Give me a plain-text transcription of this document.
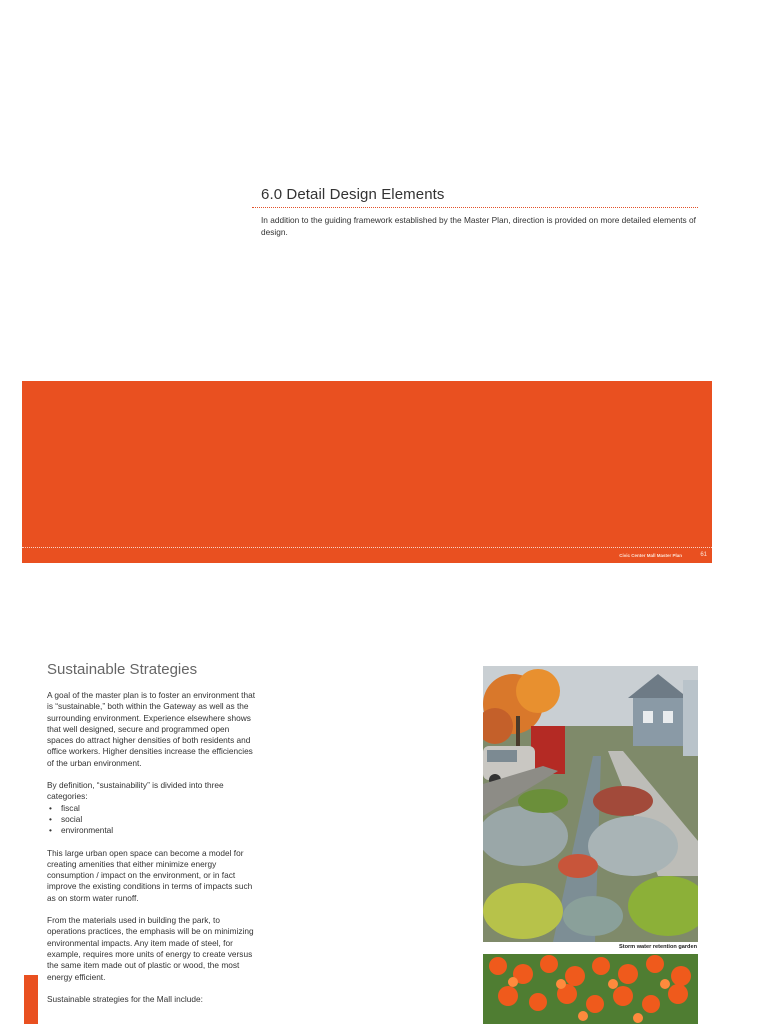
6.0 Detail Design Elements
In addition to the guiding framework established by the Master Plan, direction is provided on more detailed elements of design.
Civic Center Mall Master Plan	61
Sustainable Strategies

A goal of the master plan is to foster an environment that is “sustainable,” both within the Gateway as well as the surrounding environment. Experience elsewhere shows that well designed, secure and programmed open spaces do attract higher densities of both residents and office workers. Higher densities increase the efficiencies of the urban environment.

By definition, “sustainability” is divided into three categories:

• fiscal
• social
• environmental

This large urban open space can become a model for creating amenities that either minimize energy consumption / impact on the environment, or in fact improve the existing conditions in terms of impacts such as on storm water runoff.

From the materials used in building the park, to operations practices, the emphasis will be on minimizing environmental impacts. Any item made of steel, for example, requires more units of energy to create versus the same item made out of plastic or wood, the most energy efficient.

Sustainable strategies for the Mall include:

Storm water retention garden
